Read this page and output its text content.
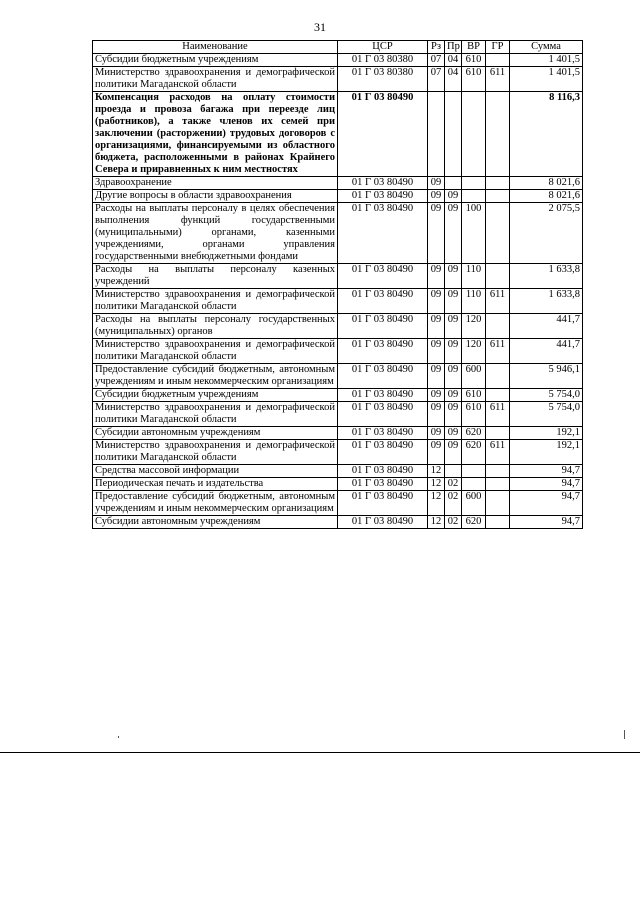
31
Наименование	ЦСР	Рз	Пр	ВР	ГР	Сумма
Субсидии бюджетным учреждениям	01 Г 03 80380	07	04	610		1 401,5
Министерство здравоохранения и демографической политики Магаданской области	01 Г 03 80380	07	04	610	611	1 401,5
Компенсация расходов на оплату стоимости проезда и провоза багажа при переезде лиц (работников), а также членов их семей при заключении (расторжении) трудовых договоров с организациями, финансируемыми из областного бюджета, расположенными в районах Крайнего Севера и приравненных к ним местностях	01 Г 03 80490					8 116,3
Здравоохранение	01 Г 03 80490	09				8 021,6
Другие вопросы в области здравоохранения	01 Г 03 80490	09	09			8 021,6
Расходы на выплаты персоналу в целях обеспечения выполнения функций государственными (муниципальными) органами, казенными учреждениями, органами управления государственными внебюджетными фондами	01 Г 03 80490	09	09	100		2 075,5
Расходы на выплаты персоналу казенных учреждений	01 Г 03 80490	09	09	110		1 633,8
Министерство здравоохранения и демографической политики Магаданской области	01 Г 03 80490	09	09	110	611	1 633,8
Расходы на выплаты персоналу государственных (муниципальных) органов	01 Г 03 80490	09	09	120		441,7
Министерство здравоохранения и демографической политики Магаданской области	01 Г 03 80490	09	09	120	611	441,7
Предоставление субсидий бюджетным, автономным учреждениям и иным некоммерческим организациям	01 Г 03 80490	09	09	600		5 946,1
Субсидии бюджетным учреждениям	01 Г 03 80490	09	09	610		5 754,0
Министерство здравоохранения и демографической политики Магаданской области	01 Г 03 80490	09	09	610	611	5 754,0
Субсидии автономным учреждениям	01 Г 03 80490	09	09	620		192,1
Министерство здравоохранения и демографической политики Магаданской области	01 Г 03 80490	09	09	620	611	192,1
Средства массовой информации	01 Г 03 80490	12				94,7
Периодическая печать и издательства	01 Г 03 80490	12	02			94,7
Предоставление субсидий бюджетным, автономным учреждениям и иным некоммерческим организациям	01 Г 03 80490	12	02	600		94,7
Субсидии автономным учреждениям	01 Г 03 80490	12	02	620		94,7
